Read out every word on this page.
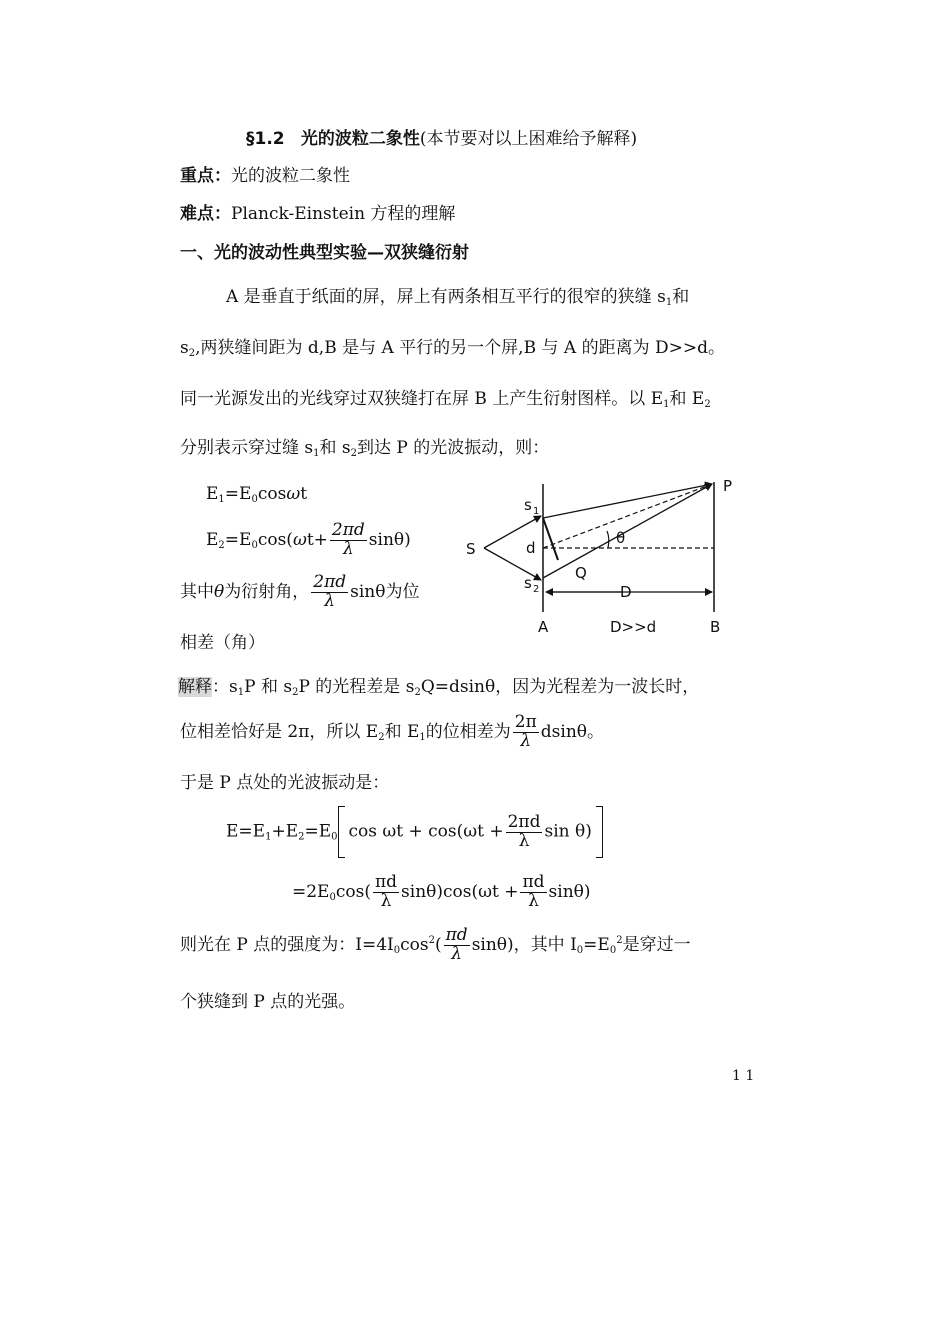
§1.2 光的波粒二象性(本节要对以上困难给予解释)
重点：光的波粒二象性
难点：Planck-Einstein 方程的理解
一、光的波动性典型实验—双狭缝衍射
A 是垂直于纸面的屏，屏上有两条相互平行的很窄的狭缝 $s_1$和
$s_2$,两狭缝间距为 d,B 是与 A 平行的另一个屏,B 与 A 的距离为 D>>d。
同一光源发出的光线穿过双狭缝打在屏 B 上产生衍射图样。以 $E_1$和 $E_2$
分别表示穿过缝 $s_1$和 $s_2$到达 P 的光波振动，则：
$E_1=E_0\cos\omega t$
$E_2=E_0\cos(\omega t+ \frac{2\pi d}{\lambda} \sin\theta)$
其中θ为衍射角， $\frac{2\pi d}{\lambda}$ sinθ为位
相差（角）
S
s 1
s 2
d
Q
θ
D
P
A	D>>d	B
解释：$s_1P$ 和 $s_2P$ 的光程差是 $s_2Q=dsin\theta$，因为光程差为一波长时，
位相差恰好是 2π，所以 $E_2$和 $E_1$的位相差为 $\frac{2\pi}{\lambda}$ dsinθ。
于是 P 点处的光波振动是：
$E=E_1+E_2=E_0$ $\cos \omega t + \cos(\omega t + \frac{2\pi d}{\lambda}$ sin θ)
$=2E_0\cos( \frac{\pi d}{\lambda} \sin\theta)\cos(\omega t + \frac{\pi d}{\lambda} \sin\theta)$
则光在 P 点的强度为：$I=4I_0\cos^2( \frac{\pi d}{\lambda} \sin\theta)$，其中 $I_0=E_0^2$是穿过一
个狭缝到 P 点的光强。
1 1
